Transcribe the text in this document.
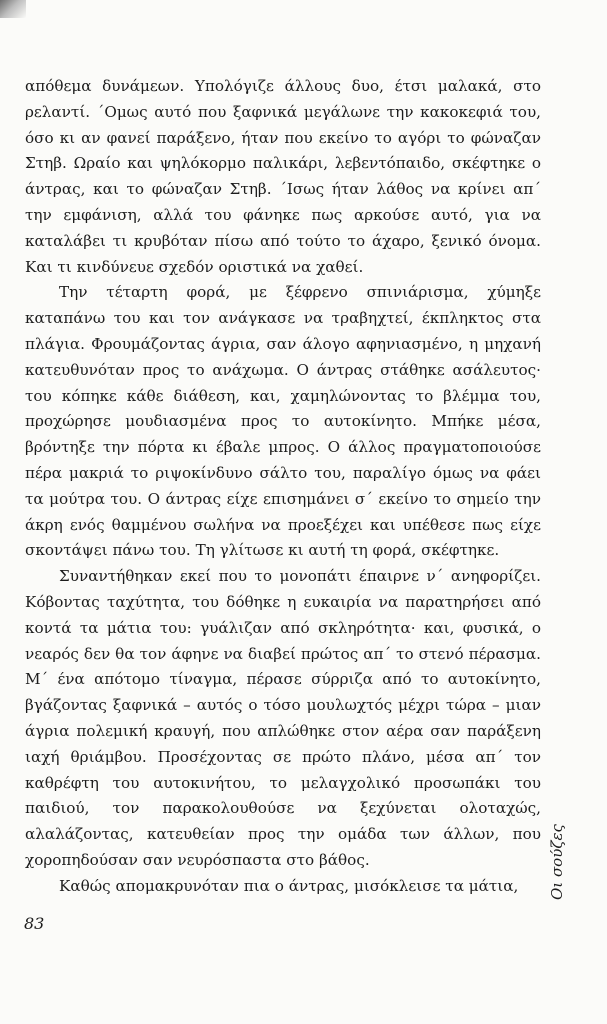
απόθεμα δυνάμεων. Υπολόγιζε άλλους δυο, έτσι μαλακά, στο ρελαντί. ΄Ομως αυτό που ξαφνικά μεγάλωνε την κακοκεφιά του, όσο κι αν φανεί παράξενο, ήταν που εκείνο το αγόρι το φώναζαν Στηβ. Ωραίο και ψηλόκορμο παλικάρι, λεβεντόπαιδο, σκέφτηκε ο άντρας, και το φώναζαν Στηβ. ΄Ισως ήταν λάθος να κρίνει απ΄ την εμφάνιση, αλλά του φάνηκε πως αρκούσε αυτό, για να καταλάβει τι κρυβόταν πίσω από τούτο το άχαρο, ξενικό όνομα. Και τι κινδύνευε σχεδόν οριστικά να χαθεί.

Την τέταρτη φορά, με ξέφρενο σπινιάρισμα, χύμηξε καταπάνω του και τον ανάγκασε να τραβηχτεί, έκπληκτος στα πλάγια. Φρουμάζοντας άγρια, σαν άλογο αφηνιασμένο, η μηχανή κατευθυνόταν προς το ανάχωμα. Ο άντρας στάθηκε ασάλευτος· του κόπηκε κάθε διάθεση, και, χαμηλώνοντας το βλέμμα του, προχώρησε μουδιασμένα προς το αυτοκίνητο. Μπήκε μέσα, βρόντηξε την πόρτα κι έβαλε μπρος. Ο άλλος πραγματοποιούσε πέρα μακριά το ριψοκίνδυνο σάλτο του, παραλίγο όμως να φάει τα μούτρα του. Ο άντρας είχε επισημάνει σ΄ εκείνο το σημείο την άκρη ενός θαμμένου σωλήνα να προεξέχει και υπέθεσε πως είχε σκοντάψει πάνω του. Τη γλίτωσε κι αυτή τη φορά, σκέφτηκε.

Συναντήθηκαν εκεί που το μονοπάτι έπαιρνε ν΄ ανηφορίζει. Κόβοντας ταχύτητα, του δόθηκε η ευκαιρία να παρατηρήσει από κοντά τα μάτια του: γυάλιζαν από σκληρότητα· και, φυσικά, ο νεαρός δεν θα τον άφηνε να διαβεί πρώτος απ΄ το στενό πέρασμα. Μ΄ ένα απότομο τίναγμα, πέρασε σύρριζα από το αυτοκίνητο, βγάζοντας ξαφνικά – αυτός ο τόσο μουλωχτός μέχρι τώρα – μιαν άγρια πολεμική κραυγή, που απλώθηκε στον αέρα σαν παράξενη ιαχή θριάμβου. Προσέχοντας σε πρώτο πλάνο, μέσα απ΄ τον καθρέφτη του αυτοκινήτου, το μελαγχολικό προσωπάκι του παιδιού, τον παρακολουθούσε να ξεχύνεται ολοταχώς, αλαλάζοντας, κατευθείαν προς την ομάδα των άλλων, που χοροπηδούσαν σαν νευρόσπαστα στο βάθος.

Καθώς απομακρυνόταν πια ο άντρας, μισόκλεισε τα μάτια,	Οι σούζες
83
